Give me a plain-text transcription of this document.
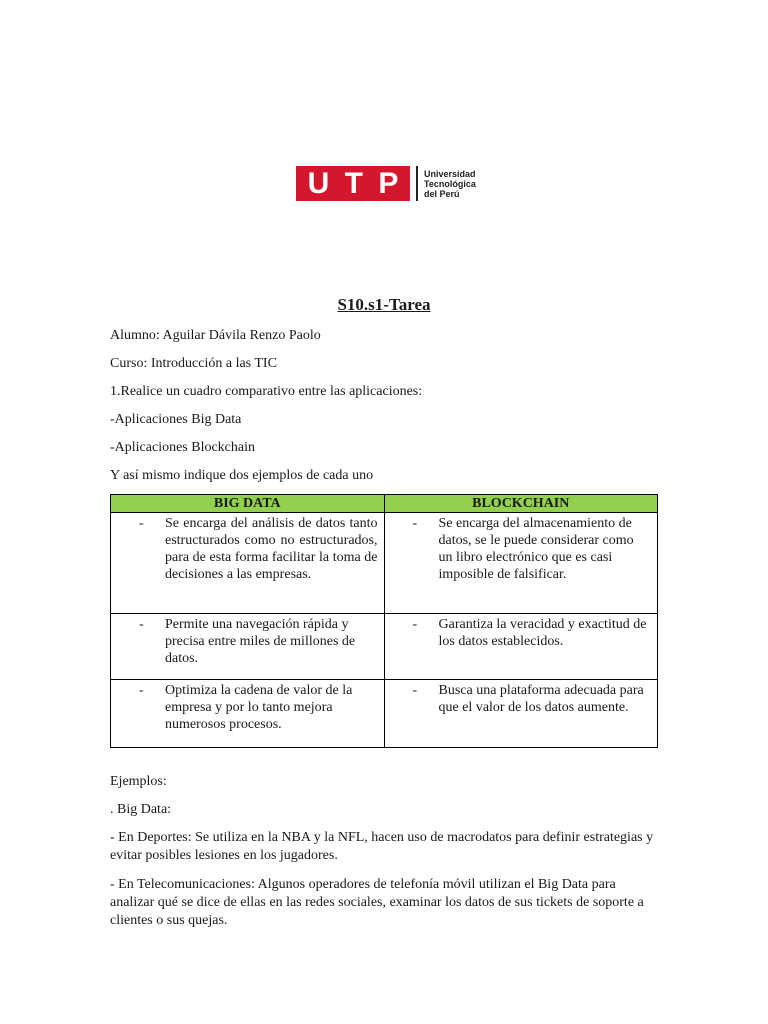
U T P	Universidad
Tecnológica
del Perú
S10.s1-Tarea
Alumno: Aguilar Dávila Renzo Paolo
Curso: Introducción a las TIC
1.Realice un cuadro comparativo entre las aplicaciones:
-Aplicaciones Big Data
-Aplicaciones Blockchain
Y así mismo indique dos ejemplos de cada uno
BIG DATA	BLOCKCHAIN

- Se encarga del análisis de datos tanto estructurados como no estructurados, para de esta forma facilitar la toma de decisiones a las empresas.	- Se encarga del almacenamiento de datos, se le puede considerar como un libro electrónico que es casi imposible de falsificar.

- Permite una navegación rápida y precisa entre miles de millones de datos.	- Garantiza la veracidad y exactitud de los datos establecidos.

- Optimiza la cadena de valor de la empresa y por lo tanto mejora numerosos procesos.	- Busca una plataforma adecuada para que el valor de los datos aumente.
Ejemplos:
. Big Data:
- En Deportes: Se utiliza en la NBA y la NFL, hacen uso de macrodatos para definir estrategias y evitar posibles lesiones en los jugadores.
- En Telecomunicaciones: Algunos operadores de telefonía móvil utilizan el Big Data para analizar qué se dice de ellas en las redes sociales, examinar los datos de sus tickets de soporte a clientes o sus quejas.
